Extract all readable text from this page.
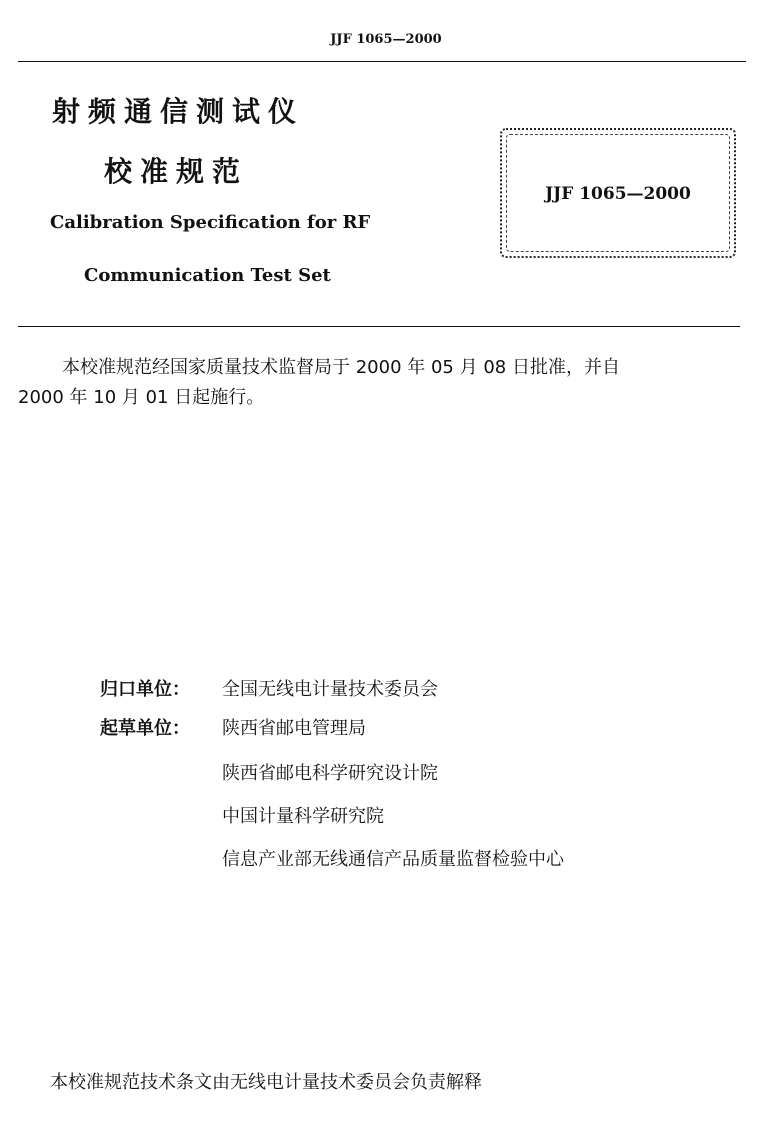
JJF 1065—2000
射频通信测试仪
校准规范
Calibration Specification for RF
Communication Test Set
JJF 1065—2000
本校准规范经国家质量技术监督局于 2000 年 05 月 08 日批准，并自
2000 年 10 月 01 日起施行。
归口单位： 全国无线电计量技术委员会
起草单位： 陕西省邮电管理局
陕西省邮电科学研究设计院
中国计量科学研究院
信息产业部无线通信产品质量监督检验中心
本校准规范技术条文由无线电计量技术委员会负责解释
